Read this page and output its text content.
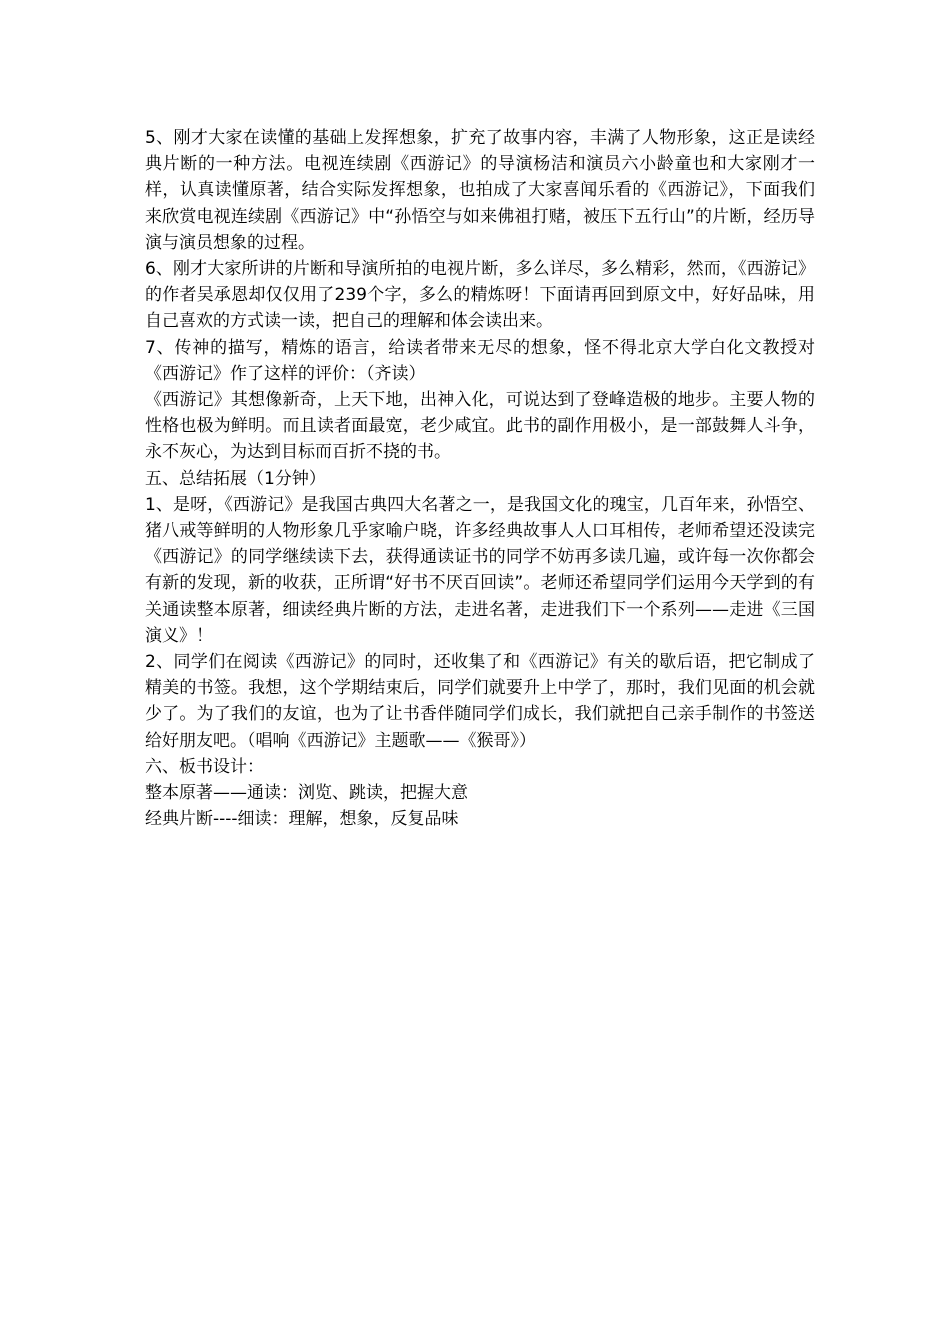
5、刚才大家在读懂的基础上发挥想象，扩充了故事内容，丰满了人物形象，这正是读经典片断的一种方法。电视连续剧《西游记》的导演杨洁和演员六小龄童也和大家刚才一样，认真读懂原著，结合实际发挥想象，也拍成了大家喜闻乐看的《西游记》，下面我们来欣赏电视连续剧《西游记》中“孙悟空与如来佛祖打赌，被压下五行山”的片断，经历导演与演员想象的过程。

6、刚才大家所讲的片断和导演所拍的电视片断，多么详尽，多么精彩，然而，《西游记》的作者吴承恩却仅仅用了239个字，多么的精炼呀！下面请再回到原文中，好好品味，用自己喜欢的方式读一读，把自己的理解和体会读出来。

7、传神的描写，精炼的语言，给读者带来无尽的想象，怪不得北京大学白化文教授对《西游记》作了这样的评价：（齐读）

《西游记》其想像新奇，上天下地，出神入化，可说达到了登峰造极的地步。主要人物的性格也极为鲜明。而且读者面最宽，老少咸宜。此书的副作用极小，是一部鼓舞人斗争，永不灰心，为达到目标而百折不挠的书。

五、总结拓展（1分钟）

1、是呀，《西游记》是我国古典四大名著之一，是我国文化的瑰宝，几百年来，孙悟空、猪八戒等鲜明的人物形象几乎家喻户晓，许多经典故事人人口耳相传，老师希望还没读完《西游记》的同学继续读下去，获得通读证书的同学不妨再多读几遍，或许每一次你都会有新的发现，新的收获，正所谓“好书不厌百回读”。老师还希望同学们运用今天学到的有关通读整本原著，细读经典片断的方法，走进名著，走进我们下一个系列——走进《三国演义》！

2、同学们在阅读《西游记》的同时，还收集了和《西游记》有关的歇后语，把它制成了精美的书签。我想，这个学期结束后，同学们就要升上中学了，那时，我们见面的机会就少了。为了我们的友谊，也为了让书香伴随同学们成长，我们就把自己亲手制作的书签送给好朋友吧。（唱响《西游记》主题歌——《猴哥》）

六、板书设计：

整本原著——通读：浏览、跳读，把握大意

经典片断----细读：理解，想象，反复品味
